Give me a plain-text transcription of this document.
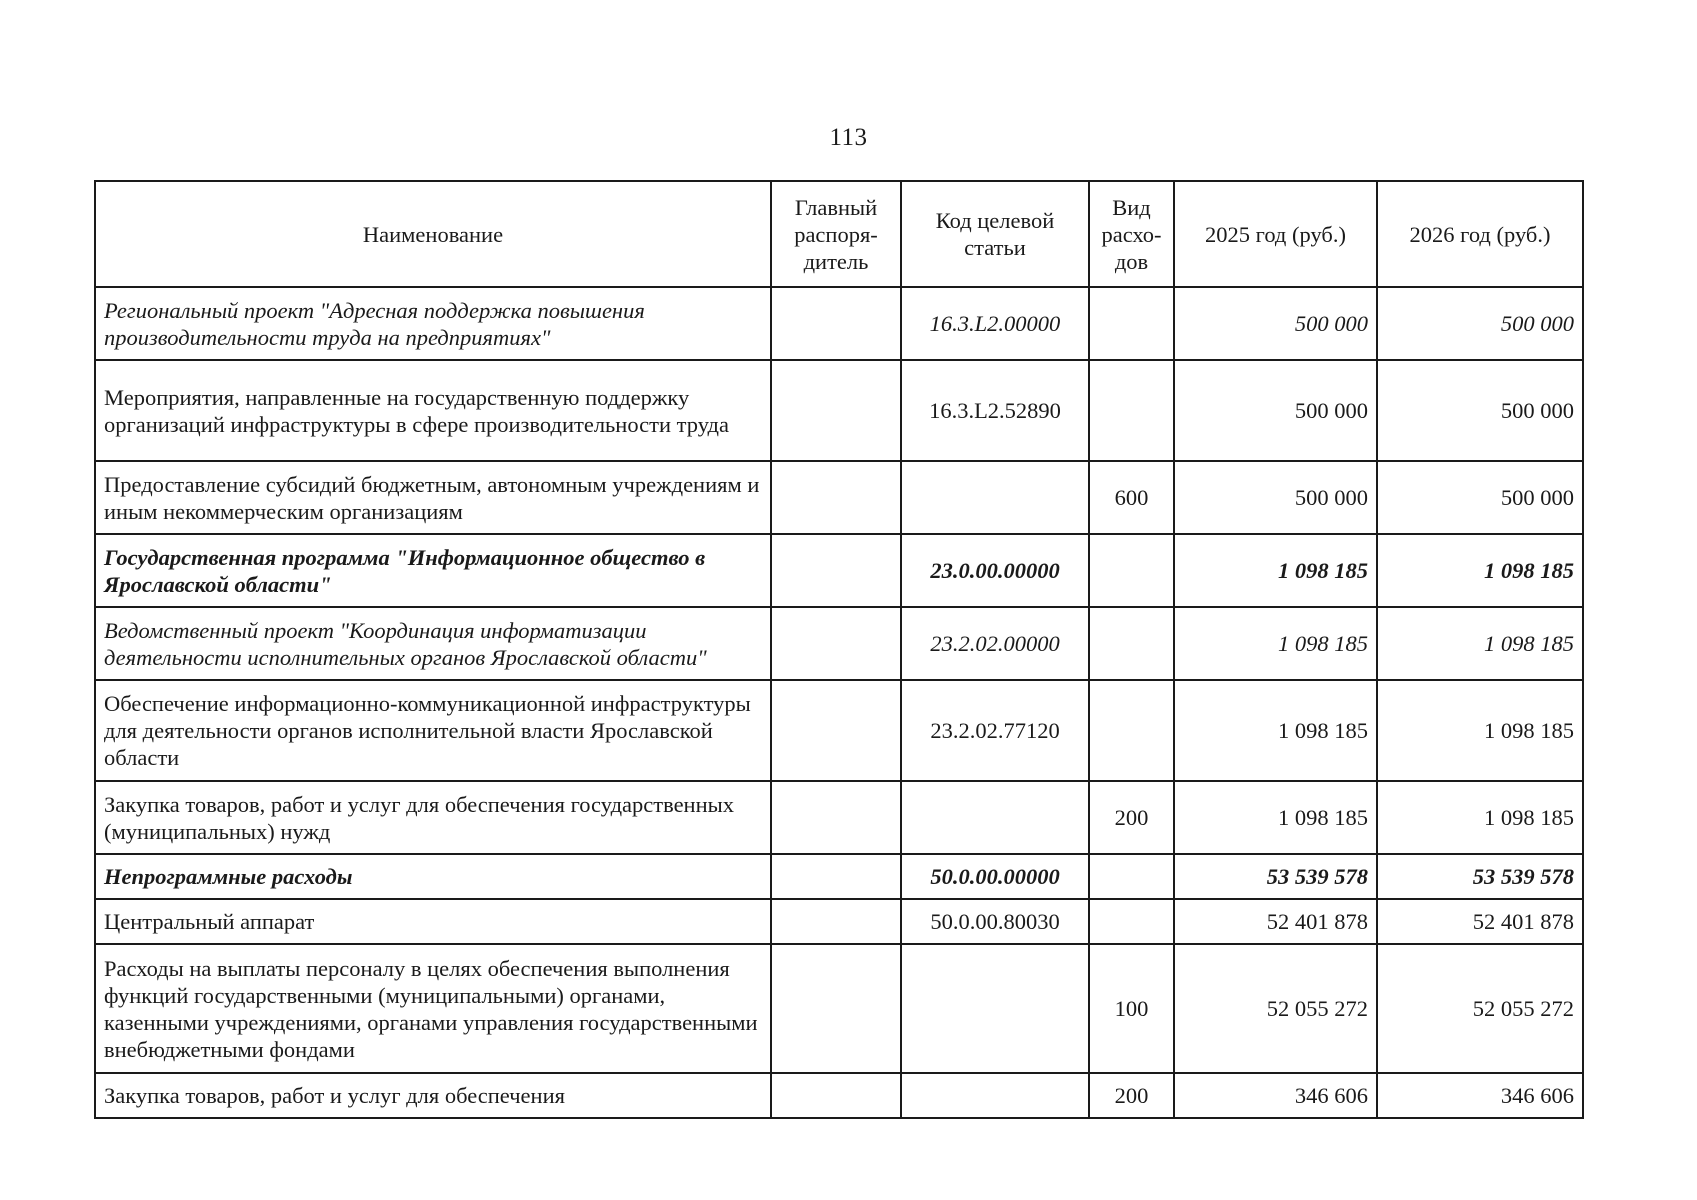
113
Наименование	Главный распоря-дитель	Код целевой статьи	Вид расхо-дов	2025 год (руб.)	2026 год (руб.)
Региональный проект "Адресная поддержка повышения производительности труда на предприятиях"		16.3.L2.00000		500 000	500 000
Мероприятия, направленные на государственную поддержку организаций инфраструктуры в сфере производительности труда		16.3.L2.52890		500 000	500 000
Предоставление субсидий бюджетным, автономным учреждениям и иным некоммерческим организациям			600	500 000	500 000
Государственная программа "Информационное общество в Ярославской области"		23.0.00.00000		1 098 185	1 098 185
Ведомственный проект "Координация информатизации деятельности исполнительных органов Ярославской области"		23.2.02.00000		1 098 185	1 098 185
Обеспечение информационно-коммуникационной инфраструктуры для деятельности органов исполнительной власти Ярославской области		23.2.02.77120		1 098 185	1 098 185
Закупка товаров, работ и услуг для обеспечения государственных (муниципальных) нужд			200	1 098 185	1 098 185
Непрограммные расходы		50.0.00.00000		53 539 578	53 539 578
Центральный аппарат		50.0.00.80030		52 401 878	52 401 878
Расходы на выплаты персоналу в целях обеспечения выполнения функций государственными (муниципальными) органами, казенными учреждениями, органами управления государственными внебюджетными фондами			100	52 055 272	52 055 272
Закупка товаров, работ и услуг для обеспечения			200	346 606	346 606
